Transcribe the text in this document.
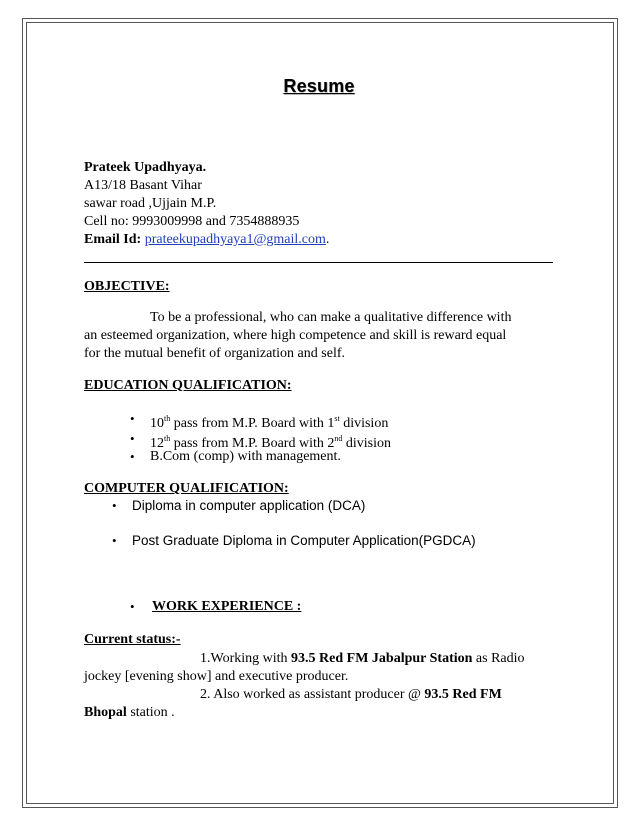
Resume
Prateek Upadhyaya.
A13/18 Basant Vihar
sawar road ,Ujjain M.P.
Cell no: 9993009998 and 7354888935
Email Id: prateekupadhyaya1@gmail.com.
OBJECTIVE:
To be a professional, who can make a qualitative difference with
an esteemed organization, where high competence and skill is reward equal
for the mutual benefit of organization and self.
EDUCATION QUALIFICATION:
• 10th pass from M.P. Board with 1st division
• 12th pass from M.P. Board with 2nd division
• B.Com (comp) with management.
COMPUTER QUALIFICATION:
• Diploma in computer application (DCA)
• Post Graduate Diploma in Computer Application(PGDCA)
• WORK EXPERIENCE :
Current status:-
1.Working with 93.5 Red FM Jabalpur Station as Radio
jockey [evening show] and executive producer.
2. Also worked as assistant producer @ 93.5 Red FM
Bhopal station .
